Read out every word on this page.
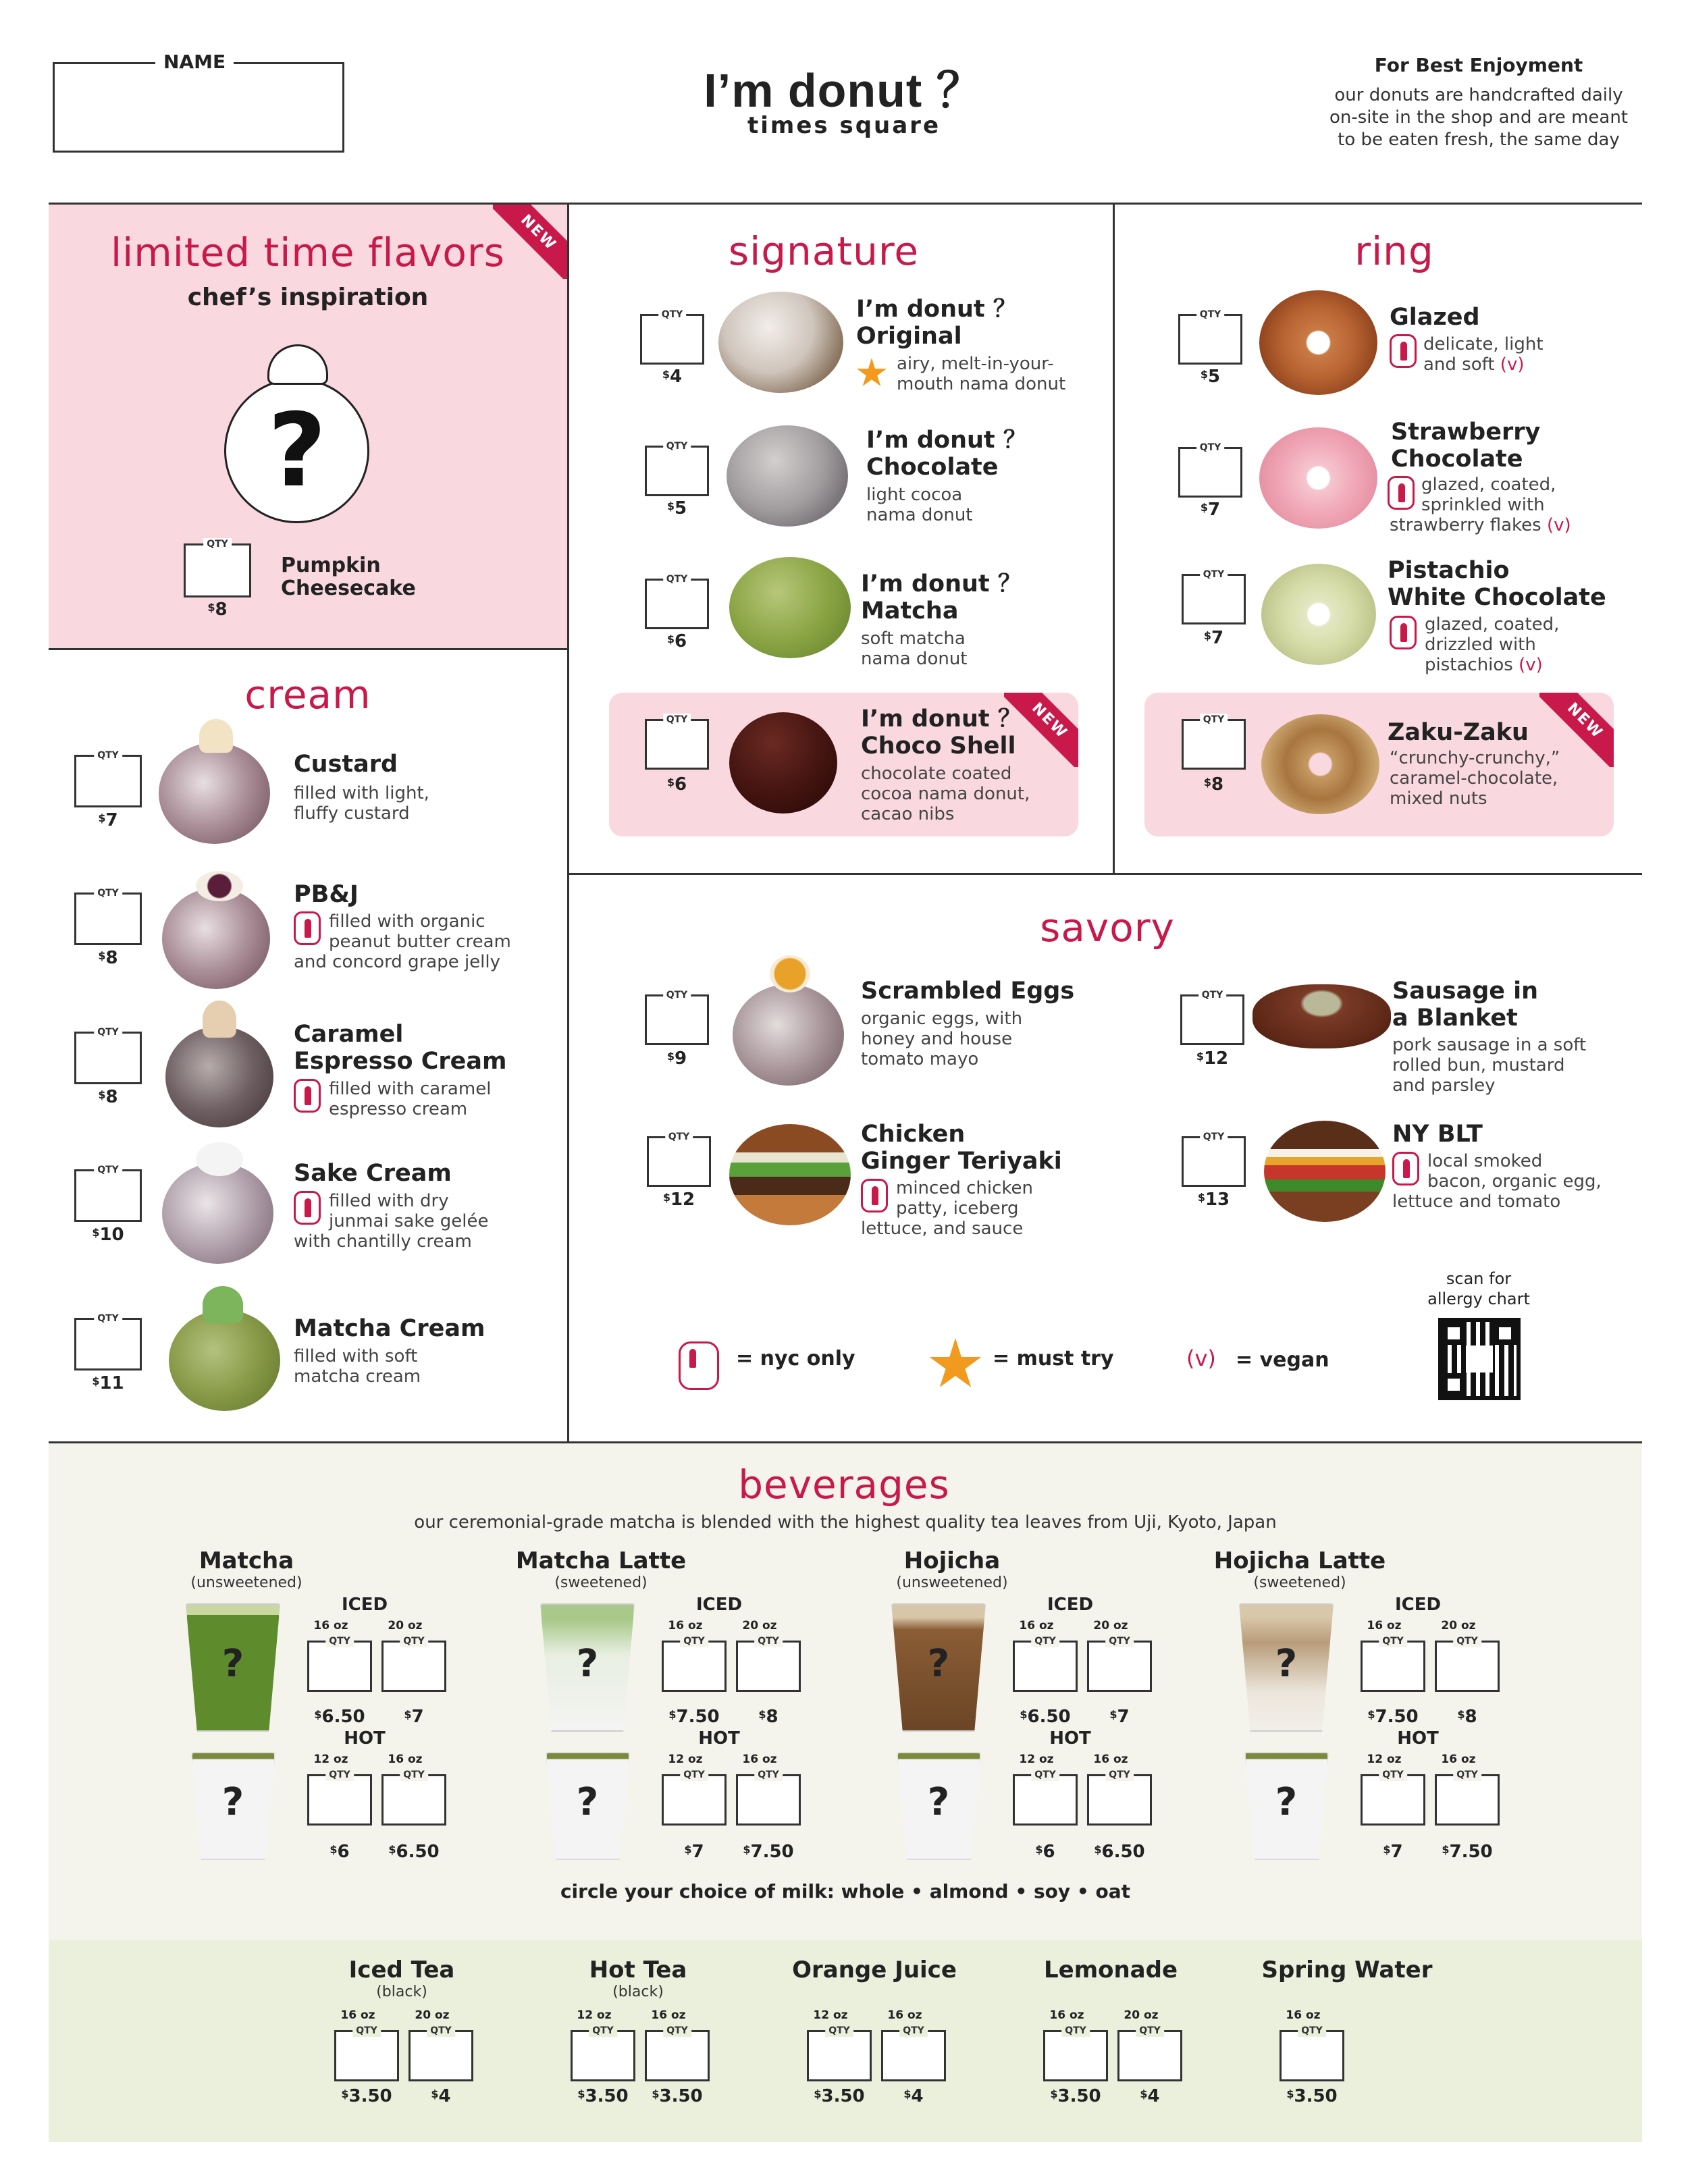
NAME
I’m donut ？
times square
For Best Enjoyment
our donuts are handcrafted daily
on-site in the shop and are meant
to be eaten fresh, the same day
NEW
limited time flavors
chef’s inspiration
?
QTY
$8
Pumpkin
Cheesecake
signature
QTY
$4
I’m donut ？
Original
airy, melt-in-your-
mouth nama donut
QTY
$5
I’m donut ？
Chocolate
light cocoa
nama donut
QTY
$6
I’m donut ？
Matcha
soft matcha
nama donut
NEW
QTY
$6
I’m donut ？
Choco Shell
chocolate coated
cocoa nama donut,
cacao nibs
ring
QTY
$5
Glazed
delicate, light
and soft (v)
QTY
$7
Strawberry
Chocolate
glazed, coated,
sprinkled with
strawberry flakes (v)
QTY
$7
Pistachio
White Chocolate
glazed, coated,
drizzled with
pistachios (v)
NEW
QTY
$8
Zaku-Zaku
“crunchy-crunchy,”
caramel-chocolate,
mixed nuts
cream
QTY
$7
Custard
filled with light,
fluffy custard
QTY
$8
PB&J
filled with organic
peanut butter cream
and concord grape jelly
QTY
$8
Caramel
Espresso Cream
filled with caramel
espresso cream
QTY
$10
Sake Cream
filled with dry
junmai sake gelée
with chantilly cream
QTY
$11
Matcha Cream
filled with soft
matcha cream
savory
QTY
$9
Scrambled Eggs
organic eggs, with
honey and house
tomato mayo
QTY	$12
Sausage in
a Blanket
pork sausage in a soft
rolled bun, mustard
and parsley
QTY
$12
Chicken
Ginger Teriyaki
minced chicken
patty, iceberg
lettuce, and sauce
QTY
$13
NY BLT
local smoked
bacon, organic egg,
lettuce and tomato
= nyc only	= must try	(v) = vegan
scan for
allergy chart
beverages
our ceremonial-grade matcha is blended with the highest quality tea leaves from Uji, Kyoto, Japan
Matcha
(unsweetened)
?
?
ICED
HOT
16 oz
QTY
$6.50
20 oz
QTY
$7
12 oz
QTY
$6
16 oz
QTY
$6.50
Matcha Latte
(sweetened)
?
?
ICED
HOT
16 oz
QTY
$7.50
20 oz
QTY
$8
12 oz
QTY
$7
16 oz
QTY
$7.50
Hojicha
(unsweetened)
?
?
ICED
HOT
16 oz
QTY
$6.50
20 oz
QTY
$7
12 oz
QTY
$6
16 oz
QTY
$6.50
Hojicha Latte
(sweetened)
?
?
ICED
HOT
16 oz
QTY
$7.50
20 oz
QTY
$8
12 oz
QTY
$7
16 oz
QTY
$7.50
circle your choice of milk: whole • almond • soy • oat
Iced Tea
(black)
16 oz
QTY
$3.50
20 oz
QTY
$4
Hot Tea
(black)
12 oz
QTY
$3.50
16 oz
QTY
$3.50
Orange Juice
12 oz
QTY
$3.50
16 oz
QTY
$4
Lemonade
16 oz
QTY
$3.50
20 oz
QTY
$4
Spring Water
16 oz
QTY
$3.50
